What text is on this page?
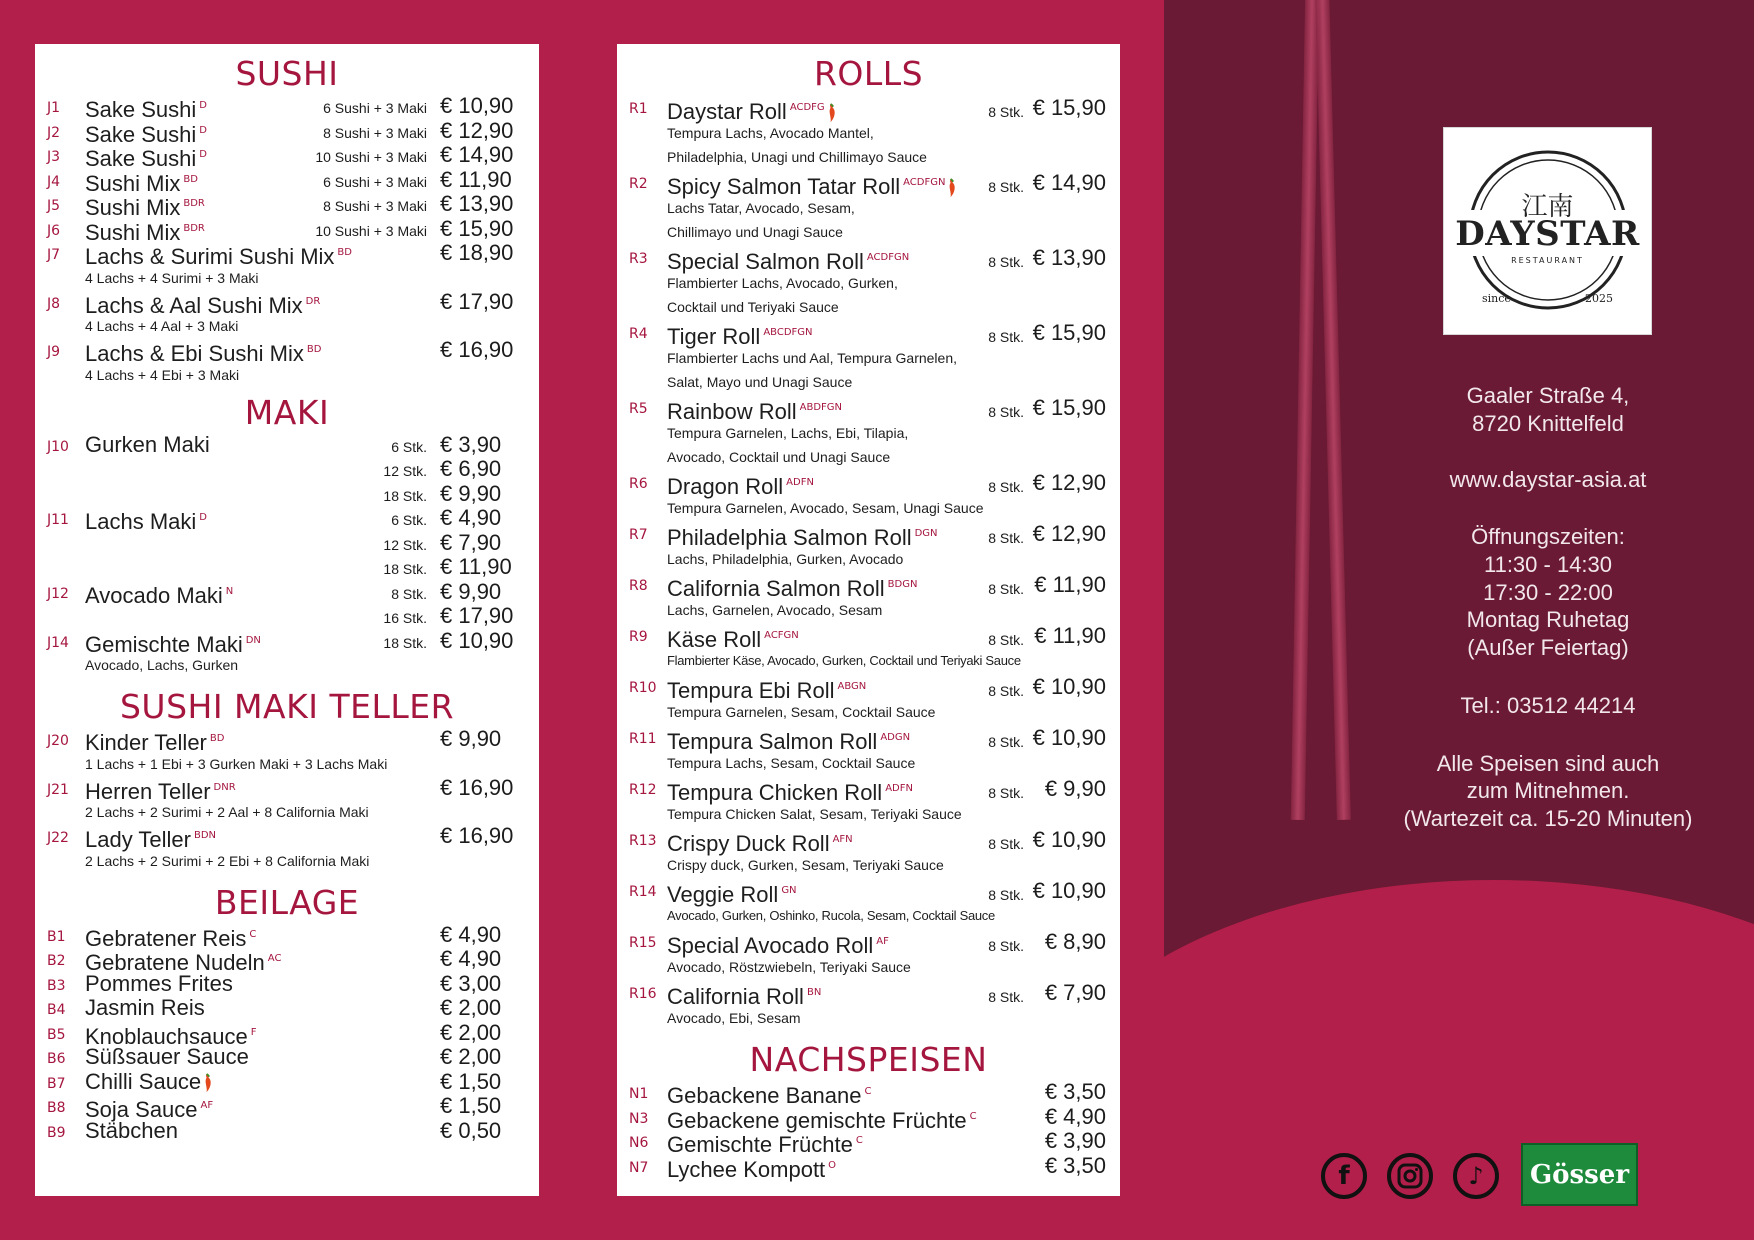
SUSHI
J1 Sake Sushi $^D$	6 Sushi + 3 Maki € 10,90
J2 Sake Sushi $^D$	8 Sushi + 3 Maki € 12,90
J3 Sake Sushi $^D$	10 Sushi + 3 Maki € 14,90
J4 Sushi Mix $^{BD}$	6 Sushi + 3 Maki € 11,90
J5 Sushi Mix $^{BDR}$	8 Sushi + 3 Maki € 13,90
J6 Sushi Mix $^{BDR}$	10 Sushi + 3 Maki € 15,90
J7 Lachs & Surimi Sushi Mix $^{BD}$	€ 18,90
4 Lachs + 4 Surimi + 3 Maki
J8 Lachs & Aal Sushi Mix $^{DR}$	€ 17,90
4 Lachs + 4 Aal + 3 Maki
J9 Lachs & Ebi Sushi Mix $^{BD}$	€ 16,90
4 Lachs + 4 Ebi + 3 Maki
MAKI
J10 Gurken Maki	6 Stk. € 3,90
12 Stk. € 6,90
18 Stk. € 9,90
J11 Lachs Maki $^D$	6 Stk. € 4,90
12 Stk. € 7,90
18 Stk. € 11,90
J12 Avocado Maki $^N$	8 Stk. € 9,90
16 Stk. € 17,90
J14 Gemischte Maki $^{DN}$	18 Stk. € 10,90
Avocado, Lachs, Gurken
SUSHI MAKI TELLER
J20 Kinder Teller $^{BD}$	€ 9,90
1 Lachs + 1 Ebi + 3 Gurken Maki + 3 Lachs Maki
J21 Herren Teller $^{DNR}$	€ 16,90
2 Lachs + 2 Surimi + 2 Aal + 8 California Maki
J22 Lady Teller $^{BDN}$	€ 16,90
2 Lachs + 2 Surimi + 2 Ebi + 8 California Maki
BEILAGE
B1 Gebratener Reis $^C$	€ 4,90
B2 Gebratene Nudeln $^{AC}$	€ 4,90
B3 Pommes Frites	€ 3,00
B4 Jasmin Reis	€ 2,00
B5 Knoblauchsauce $^F$	€ 2,00
B6 Süßsauer Sauce	€ 2,00
B7 Chilli Sauce	€ 1,50
B8 Soja Sauce $^{AF}$	€ 1,50
B9 Stäbchen	€ 0,50
ROLLS
R1 Daystar Roll $^{ACDFG}$	8 Stk. € 15,90
Tempura Lachs, Avocado Mantel,
Philadelphia, Unagi und Chillimayo Sauce
R2 Spicy Salmon Tatar Roll $^{ACDFGN}$	8 Stk. € 14,90
Lachs Tatar, Avocado, Sesam,
Chillimayo und Unagi Sauce
R3 Special Salmon Roll $^{ACDFGN}$	8 Stk. € 13,90
Flambierter Lachs, Avocado, Gurken,
Cocktail und Teriyaki Sauce
R4 Tiger Roll $^{ABCDFGN}$	8 Stk. € 15,90
Flambierter Lachs und Aal, Tempura Garnelen,
Salat, Mayo und Unagi Sauce
R5 Rainbow Roll $^{ABDFGN}$	8 Stk. € 15,90
Tempura Garnelen, Lachs, Ebi, Tilapia,
Avocado, Cocktail und Unagi Sauce
R6 Dragon Roll $^{ADFN}$	8 Stk. € 12,90
Tempura Garnelen, Avocado, Sesam, Unagi Sauce
R7 Philadelphia Salmon Roll $^{DGN}$	8 Stk. € 12,90
Lachs, Philadelphia, Gurken, Avocado
R8 California Salmon Roll $^{BDGN}$	8 Stk. € 11,90
Lachs, Garnelen, Avocado, Sesam
R9 Käse Roll $^{ACFGN}$	8 Stk. € 11,90
Flambierter Käse, Avocado, Gurken, Cocktail und Teriyaki Sauce
R10 Tempura Ebi Roll $^{ABGN}$	8 Stk. € 10,90
Tempura Garnelen, Sesam, Cocktail Sauce
R11 Tempura Salmon Roll $^{ADGN}$	8 Stk. € 10,90
Tempura Lachs, Sesam, Cocktail Sauce
R12 Tempura Chicken Roll $^{ADFN}$	8 Stk. € 9,90
Tempura Chicken Salat, Sesam, Teriyaki Sauce
R13 Crispy Duck Roll $^{AFN}$	8 Stk. € 10,90
Crispy duck, Gurken, Sesam, Teriyaki Sauce
R14 Veggie Roll $^{GN}$	8 Stk. € 10,90
Avocado, Gurken, Oshinko, Rucola, Sesam, Cocktail Sauce
R15 Special Avocado Roll $^{AF}$	8 Stk. € 8,90
Avocado, Röstzwiebeln, Teriyaki Sauce
R16 California Roll $^{BN}$	8 Stk. € 7,90
Avocado, Ebi, Sesam
NACHSPEISEN
N1 Gebackene Banane $^C$	€ 3,50
N3 Gebackene gemischte Früchte $^C$	€ 4,90
N6 Gemischte Früchte $^C$	€ 3,90
N7 Lychee Kompott $^O$	€ 3,50
江南
DAYSTAR
RESTAURANT
since	2025
Gaaler Straße 4,
8720 Knittelfeld
www.daystar-asia.at
Öffnungszeiten:
11:30 - 14:30
17:30 - 22:00
Montag Ruhetag
(Außer Feiertag)
Tel.: 03512 44214
Alle Speisen sind auch
zum Mitnehmen.
(Wartezeit ca. 15-20 Minuten)
f	♪	Gösser
